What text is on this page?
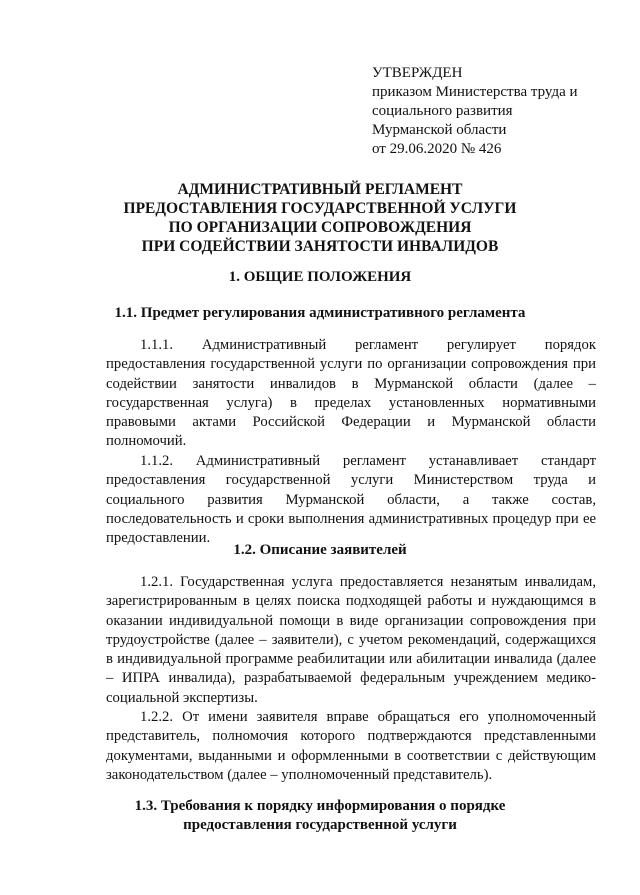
УТВЕРЖДЕН
приказом Министерства труда и
социального развития
Мурманской области
от 29.06.2020 № 426
АДМИНИСТРАТИВНЫЙ РЕГЛАМЕНТ
ПРЕДОСТАВЛЕНИЯ ГОСУДАРСТВЕННОЙ УСЛУГИ
ПО ОРГАНИЗАЦИИ СОПРОВОЖДЕНИЯ
ПРИ СОДЕЙСТВИИ ЗАНЯТОСТИ ИНВАЛИДОВ
1. ОБЩИЕ ПОЛОЖЕНИЯ
1.1. Предмет регулирования административного регламента
1.1.1. Административный регламент регулирует порядок
предоставления государственной услуги по организации сопровождения при
содействии занятости инвалидов в Мурманской области (далее –
государственная услуга) в пределах установленных нормативными
правовыми актами Российской Федерации и Мурманской области
полномочий.
1.1.2. Административный регламент устанавливает стандарт
предоставления государственной услуги Министерством труда и
социального развития Мурманской области, а также состав,
последовательность и сроки выполнения административных процедур при ее
предоставлении.
1.2. Описание заявителей
1.2.1. Государственная услуга предоставляется незанятым инвалидам,
зарегистрированным в целях поиска подходящей работы и нуждающимся в
оказании индивидуальной помощи в виде организации сопровождения при
трудоустройстве (далее – заявители), с учетом рекомендаций, содержащихся
в индивидуальной программе реабилитации или абилитации инвалида (далее
– ИПРА инвалида), разрабатываемой федеральным учреждением медико-
социальной экспертизы.
1.2.2. От имени заявителя вправе обращаться его уполномоченный
представитель, полномочия которого подтверждаются представленными
документами, выданными и оформленными в соответствии с действующим
законодательством (далее – уполномоченный представитель).
1.3. Требования к порядку информирования о порядке
предоставления государственной услуги
